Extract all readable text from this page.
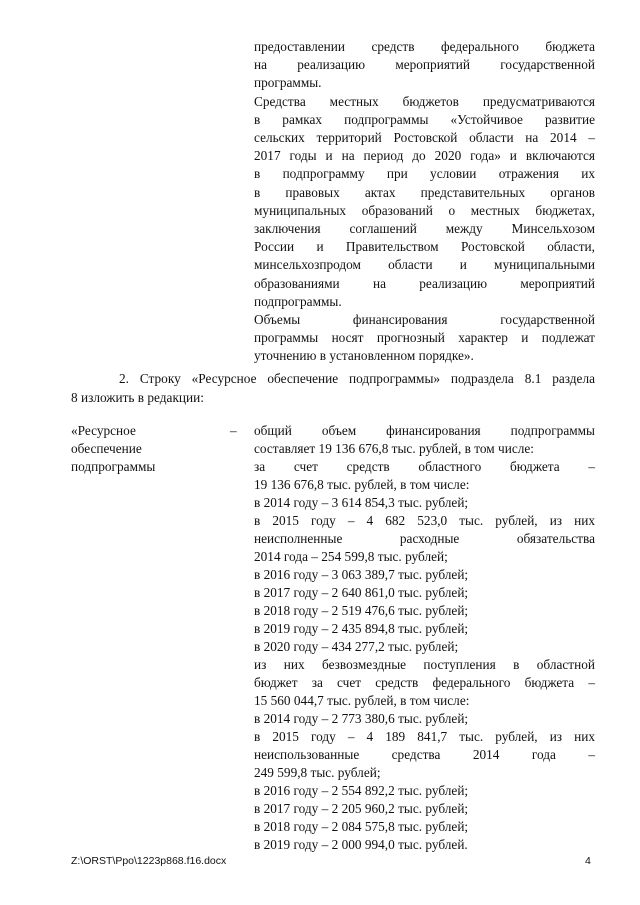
предоставлении средств федерального бюджета
на реализацию мероприятий государственной
программы.
Средства местных бюджетов предусматриваются
в рамках подпрограммы «Устойчивое развитие
сельских территорий Ростовской области на 2014 –
2017 годы и на период до 2020 года» и включаются
в подпрограмму при условии отражения их
в правовых актах представительных органов
муниципальных образований о местных бюджетах,
заключения соглашений между Минсельхозом
России и Правительством Ростовской области,
минсельхозпродом области и муниципальными
образованиями на реализацию мероприятий
подпрограммы.
Объемы финансирования государственной
программы носят прогнозный характер и подлежат
уточнению в установленном порядке».
2. Строку «Ресурсное обеспечение подпрограммы» подраздела 8.1 раздела
8 изложить в редакции:
«Ресурсное	–
обеспечение
подпрограммы
общий объем финансирования подпрограммы
составляет 19 136 676,8 тыс. рублей, в том числе:
за счет средств областного бюджета –
19 136 676,8 тыс. рублей, в том числе:
в 2014 году – 3 614 854,3 тыс. рублей;
в 2015 году – 4 682 523,0 тыс. рублей, из них
неисполненные расходные обязательства
2014 года – 254 599,8 тыс. рублей;
в 2016 году – 3 063 389,7 тыс. рублей;
в 2017 году – 2 640 861,0 тыс. рублей;
в 2018 году – 2 519 476,6 тыс. рублей;
в 2019 году – 2 435 894,8 тыс. рублей;
в 2020 году – 434 277,2 тыс. рублей;
из них безвозмездные поступления в областной
бюджет за счет средств федерального бюджета –
15 560 044,7 тыс. рублей, в том числе:
в 2014 году – 2 773 380,6 тыс. рублей;
в 2015 году – 4 189 841,7 тыс. рублей, из них
неиспользованные средства 2014 года –
249 599,8 тыс. рублей;
в 2016 году – 2 554 892,2 тыс. рублей;
в 2017 году – 2 205 960,2 тыс. рублей;
в 2018 году – 2 084 575,8 тыс. рублей;
в 2019 году – 2 000 994,0 тыс. рублей.
Z:\ORST\Ppo\1223p868.f16.docx	4
